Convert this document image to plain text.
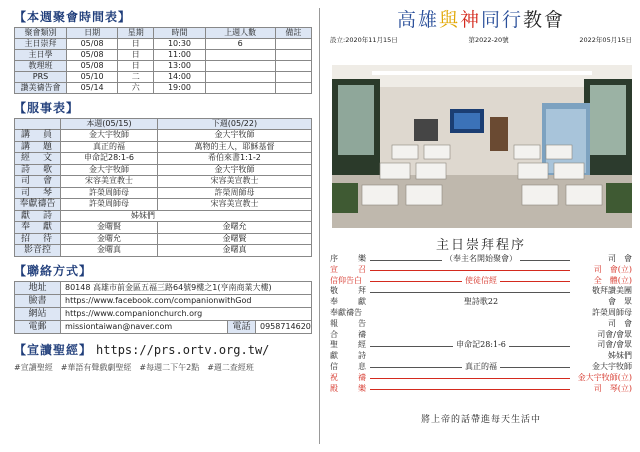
【本週聚會時間表】
聚會類別	日期	星期	時間	上週人數	備註
主日崇拜	05/08	日	10:30	6	
主日學	05/08	日	11:00		
教理班	05/08	日	13:00		
PRS	05/10	二	14:00		
讚美禱告會	05/14	六	19:00		
【服事表】
	本週(05/15)	下週(05/22)
講　員	金大宇牧師	金大宇牧師
講　題	真正的福	萬物的主人，耶穌基督
經　文	申命記28:1-6	希伯來書1:1-2
詩　歌	金大宇牧師	金大宇牧師
司　會	宋容美宣教士	宋容美宣教士
司　琴	許榮周師母	許榮周師母
奉獻禱告	許榮周師母	宋容美宣教士
獻　詩	姊妹們	
奉　獻	金曙賢	金曙允
招　待	金曙允	金曙賢
影音控	金曙真	金曙真
【聯絡方式】
地址	80148 高雄市前金區五福三路64號9樓之1(亨南商業大樓)		
臉書	https://www.facebook.com/companionwithGod		
網站	https://www.companionchurch.org		
電郵	missiontaiwan@naver.com	電話	0958714620
【宣讀聖經】 https://prs.ortv.org.tw/
#宣讀聖經　#華語有聲戲劇聖經　#每週二下午2點　#週二查經班
高雄與神同行教會
設立:2020年11月15日	第2022-20號	2022年05月15日
主日崇拜程序
序　樂	（奉主名開始聚會）	司　會
宣　召	司　會(立)
信仰告白	使徒信經	全　體(立)
敬　拜	敬拜讚美團
奉　獻	聖詩歌22	會　眾
奉獻禱告	許榮周師母
報　告	司　會
合　禱	司會/會眾
聖　經	申命記28:1-6	司會/會眾
獻　詩	姊妹們
信　息	真正的福	金大宇牧師
祝　禱	金大宇牧師(立)
殿　樂	司　琴(立)
將上帝的話帶進每天生活中
